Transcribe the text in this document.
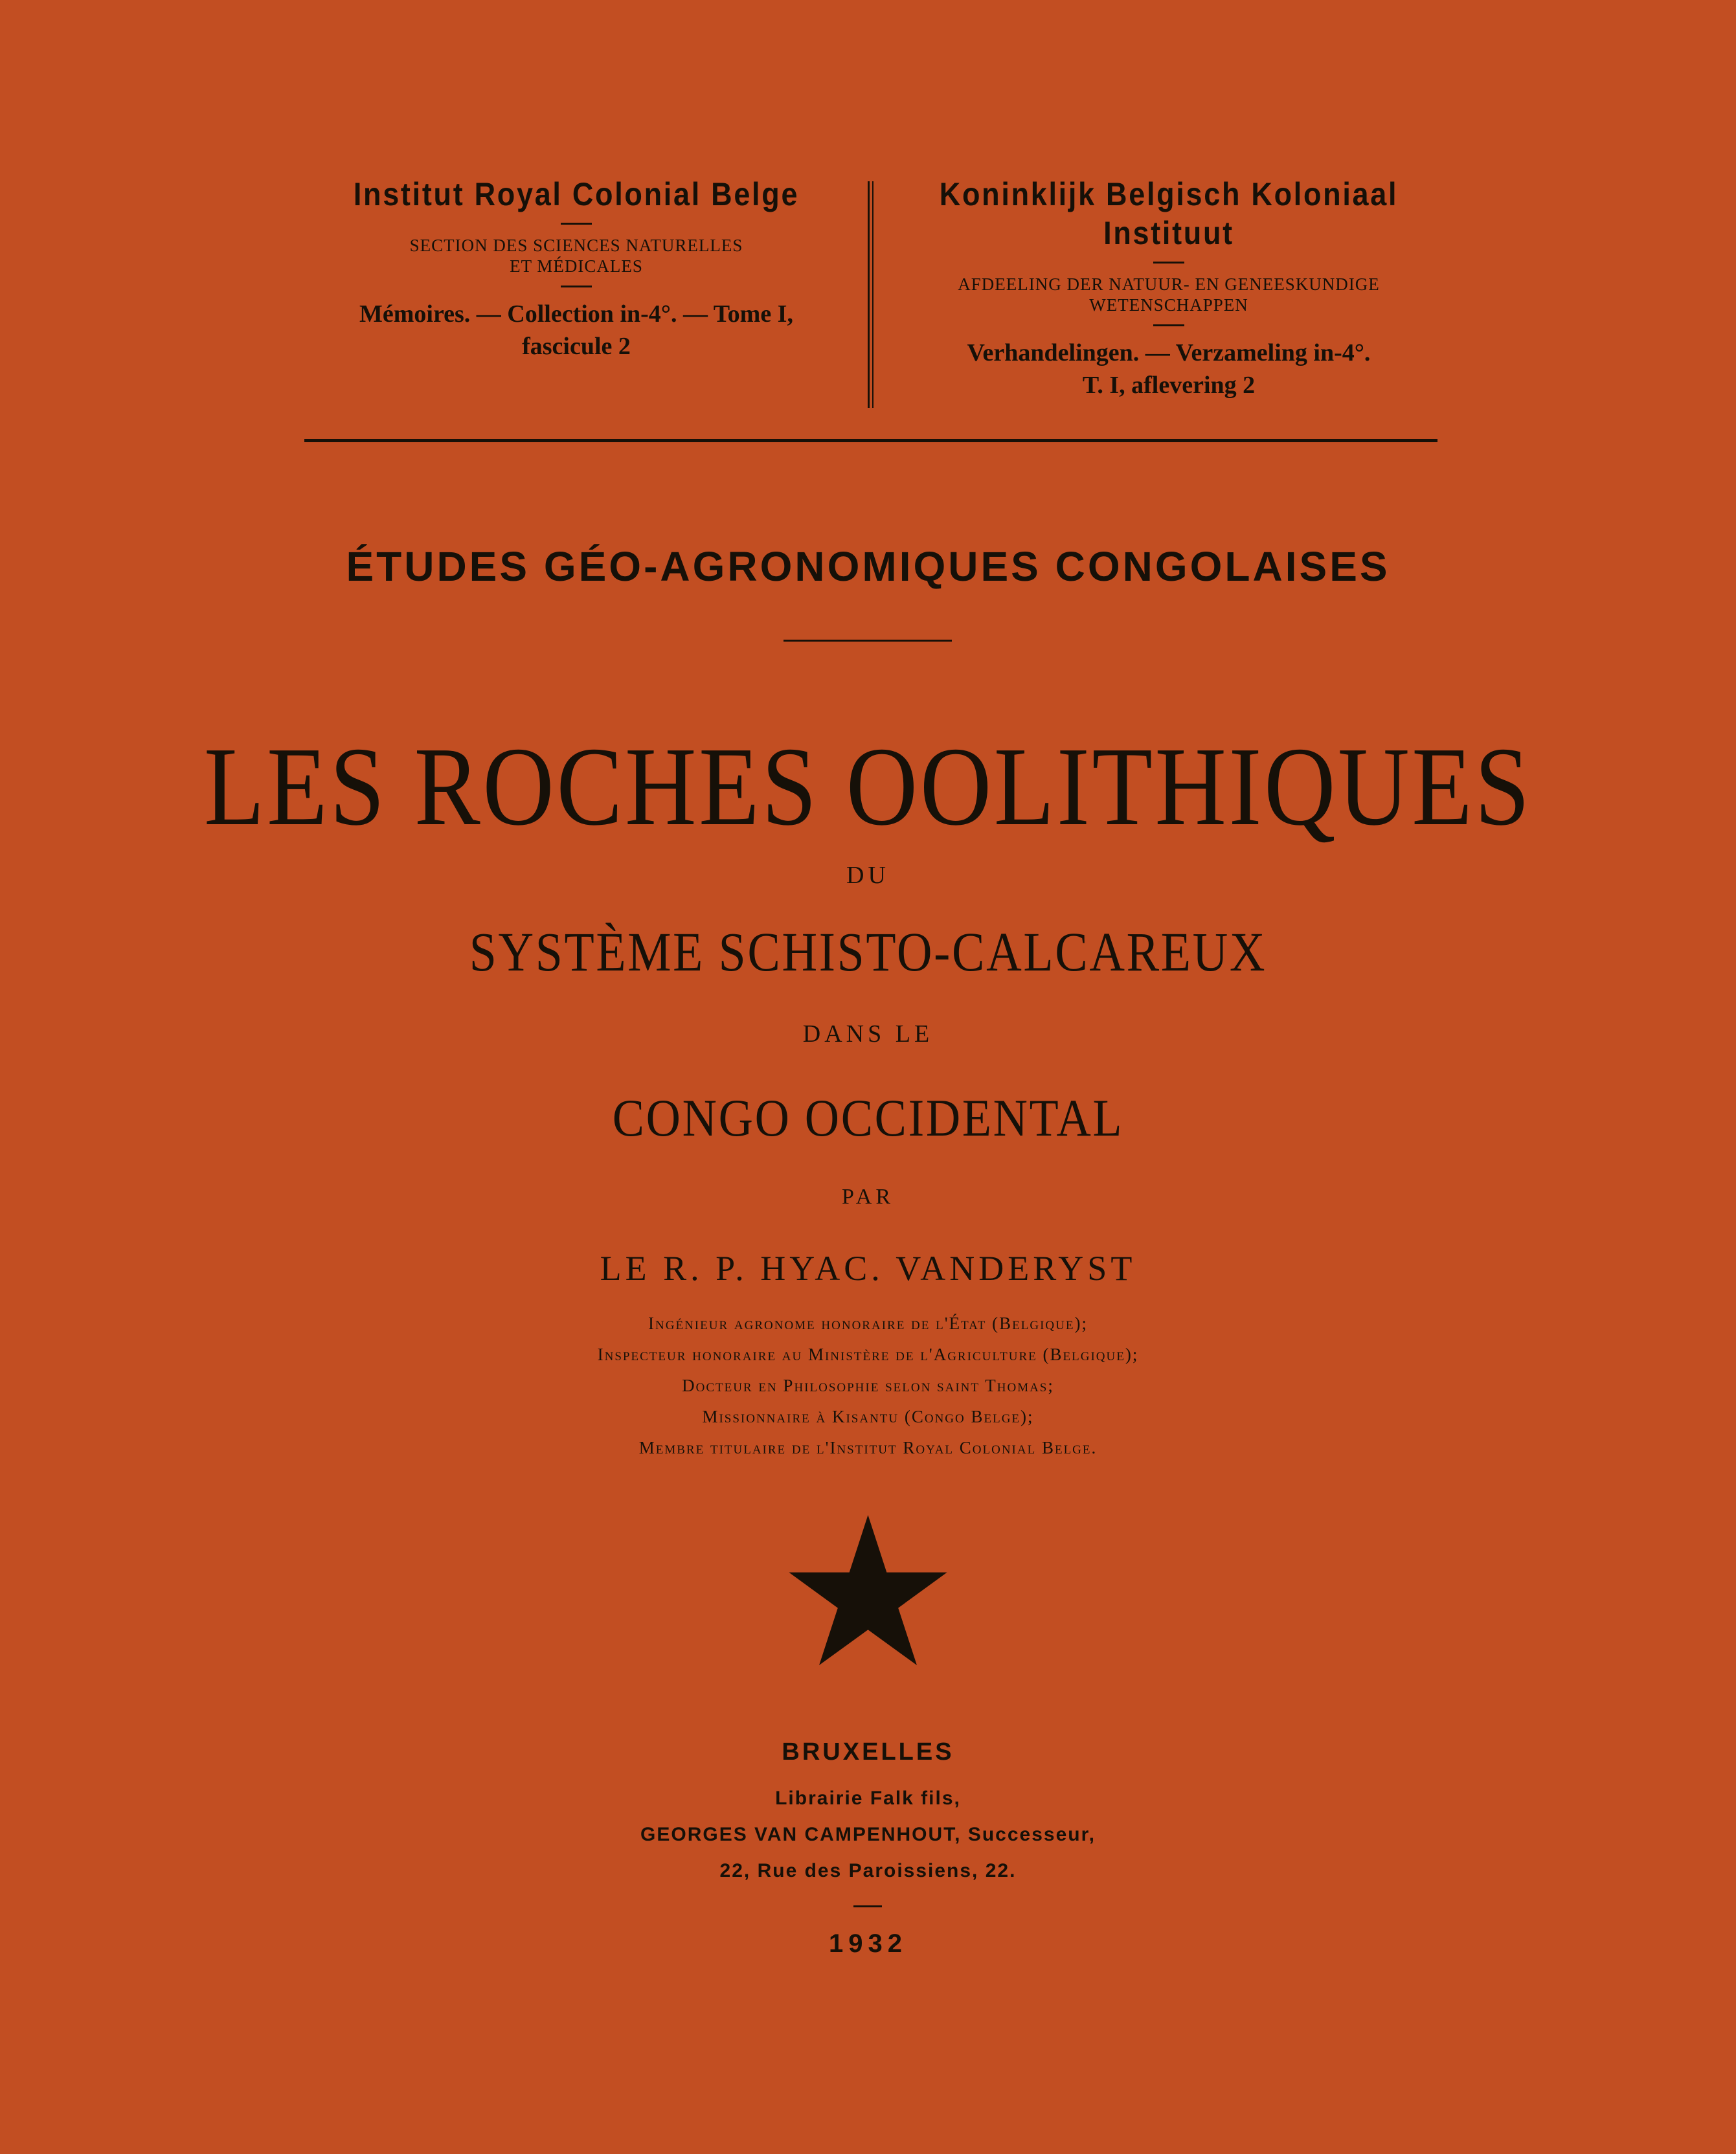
Institut Royal Colonial Belge
SECTION DES SCIENCES NATURELLES
ET MÉDICALES
Mémoires. — Collection in-4°. — Tome I,
fascicule 2
Koninklijk Belgisch Koloniaal Instituut
AFDEELING DER NATUUR- EN GENEESKUNDIGE
WETENSCHAPPEN
Verhandelingen. — Verzameling in-4°.
T. I, aflevering 2
ÉTUDES GÉO-AGRONOMIQUES CONGOLAISES
LES ROCHES OOLITHIQUES
DU
SYSTÈME SCHISTO-CALCAREUX
DANS LE
CONGO OCCIDENTAL
PAR
LE R. P. HYAC. VANDERYST
Ingénieur agronome honoraire de l'État (Belgique);
Inspecteur honoraire au Ministère de l'Agriculture (Belgique);
Docteur en Philosophie selon saint Thomas;
Missionnaire à Kisantu (Congo Belge);
Membre titulaire de l'Institut Royal Colonial Belge.
BRUXELLES
Librairie Falk fils,
GEORGES VAN CAMPENHOUT, Successeur,
22, Rue des Paroissiens, 22.
1932
